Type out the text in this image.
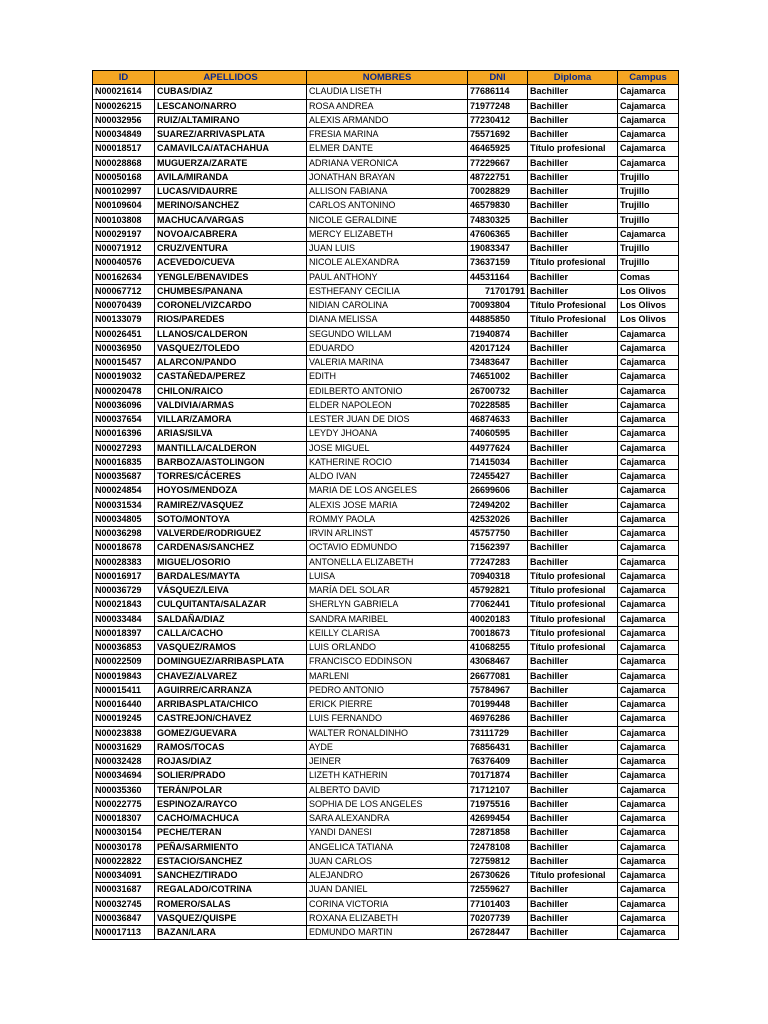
ID	APELLIDOS	NOMBRES	DNI	Diploma	Campus
N00021614	CUBAS/DIAZ	CLAUDIA LISETH	77686114	Bachiller	Cajamarca
N00026215	LESCANO/NARRO	ROSA ANDREA	71977248	Bachiller	Cajamarca
N00032956	RUIZ/ALTAMIRANO	ALEXIS ARMANDO	77230412	Bachiller	Cajamarca
N00034849	SUAREZ/ARRIVASPLATA	FRESIA MARINA	75571692	Bachiller	Cajamarca
N00018517	CAMAVILCA/ATACHAHUA	ELMER DANTE	46465925	Título profesional	Cajamarca
N00028868	MUGUERZA/ZARATE	ADRIANA VERONICA	77229667	Bachiller	Cajamarca
N00050168	AVILA/MIRANDA	JONATHAN BRAYAN	48722751	Bachiller	Trujillo
N00102997	LUCAS/VIDAURRE	ALLISON FABIANA	70028829	Bachiller	Trujillo
N00109604	MERINO/SANCHEZ	CARLOS ANTONINO	46579830	Bachiller	Trujillo
N00103808	MACHUCA/VARGAS	NICOLE GERALDINE	74830325	Bachiller	Trujillo
N00029197	NOVOA/CABRERA	MERCY ELIZABETH	47606365	Bachiller	Cajamarca
N00071912	CRUZ/VENTURA	JUAN LUIS	19083347	Bachiller	Trujillo
N00040576	ACEVEDO/CUEVA	NICOLE ALEXANDRA	73637159	Título profesional	Trujillo
N00162634	YENGLE/BENAVIDES	PAUL ANTHONY	44531164	Bachiller	Comas
N00067712	CHUMBES/PANANA	ESTHEFANY CECILIA	71701791	Bachiller	Los Olivos
N00070439	CORONEL/VIZCARDO	NIDIAN CAROLINA	70093804	Título Profesional	Los Olivos
N00133079	RIOS/PAREDES	DIANA MELISSA	44885850	Título Profesional	Los Olivos
N00026451	LLANOS/CALDERON	SEGUNDO WILLAM	71940874	Bachiller	Cajamarca
N00036950	VASQUEZ/TOLEDO	EDUARDO	42017124	Bachiller	Cajamarca
N00015457	ALARCON/PANDO	VALERIA MARINA	73483647	Bachiller	Cajamarca
N00019032	CASTAÑEDA/PEREZ	EDITH	74651002	Bachiller	Cajamarca
N00020478	CHILON/RAICO	EDILBERTO ANTONIO	26700732	Bachiller	Cajamarca
N00036096	VALDIVIA/ARMAS	ELDER NAPOLEON	70228585	Bachiller	Cajamarca
N00037654	VILLAR/ZAMORA	LESTER JUAN DE DIOS	46874633	Bachiller	Cajamarca
N00016396	ARIAS/SILVA	LEYDY JHOANA	74060595	Bachiller	Cajamarca
N00027293	MANTILLA/CALDERON	JOSE MIGUEL	44977624	Bachiller	Cajamarca
N00016835	BARBOZA/ASTOLINGON	KATHERINE ROCIO	71415034	Bachiller	Cajamarca
N00035687	TORRES/CÁCERES	ALDO IVAN	72455427	Bachiller	Cajamarca
N00024854	HOYOS/MENDOZA	MARIA DE LOS ANGELES	26699606	Bachiller	Cajamarca
N00031534	RAMIREZ/VASQUEZ	ALEXIS JOSE MARIA	72494202	Bachiller	Cajamarca
N00034805	SOTO/MONTOYA	ROMMY PAOLA	42532026	Bachiller	Cajamarca
N00036298	VALVERDE/RODRIGUEZ	IRVIN ARLINST	45757750	Bachiller	Cajamarca
N00018678	CARDENAS/SANCHEZ	OCTAVIO EDMUNDO	71562397	Bachiller	Cajamarca
N00028383	MIGUEL/OSORIO	ANTONELLA ELIZABETH	77247283	Bachiller	Cajamarca
N00016917	BARDALES/MAYTA	LUISA	70940318	Título profesional	Cajamarca
N00036729	VÁSQUEZ/LEIVA	MARÍA DEL SOLAR	45792821	Título profesional	Cajamarca
N00021843	CULQUITANTA/SALAZAR	SHERLYN GABRIELA	77062441	Título profesional	Cajamarca
N00033484	SALDAÑA/DIAZ	SANDRA MARIBEL	40020183	Título profesional	Cajamarca
N00018397	CALLA/CACHO	KEILLY CLARISA	70018673	Título profesional	Cajamarca
N00036853	VASQUEZ/RAMOS	LUIS ORLANDO	41068255	Título profesional	Cajamarca
N00022509	DOMINGUEZ/ARRIBASPLATA	FRANCISCO EDDINSON	43068467	Bachiller	Cajamarca
N00019843	CHAVEZ/ALVAREZ	MARLENI	26677081	Bachiller	Cajamarca
N00015411	AGUIRRE/CARRANZA	PEDRO ANTONIO	75784967	Bachiller	Cajamarca
N00016440	ARRIBASPLATA/CHICO	ERICK PIERRE	70199448	Bachiller	Cajamarca
N00019245	CASTREJON/CHAVEZ	LUIS FERNANDO	46976286	Bachiller	Cajamarca
N00023838	GOMEZ/GUEVARA	WALTER RONALDINHO	73111729	Bachiller	Cajamarca
N00031629	RAMOS/TOCAS	AYDE	76856431	Bachiller	Cajamarca
N00032428	ROJAS/DIAZ	JEINER	76376409	Bachiller	Cajamarca
N00034694	SOLIER/PRADO	LIZETH KATHERIN	70171874	Bachiller	Cajamarca
N00035360	TERÁN/POLAR	ALBERTO DAVID	71712107	Bachiller	Cajamarca
N00022775	ESPINOZA/RAYCO	SOPHIA DE LOS ANGELES	71975516	Bachiller	Cajamarca
N00018307	CACHO/MACHUCA	SARA ALEXANDRA	42699454	Bachiller	Cajamarca
N00030154	PECHE/TERAN	YANDI DANESI	72871858	Bachiller	Cajamarca
N00030178	PEÑA/SARMIENTO	ANGELICA TATIANA	72478108	Bachiller	Cajamarca
N00022822	ESTACIO/SANCHEZ	JUAN CARLOS	72759812	Bachiller	Cajamarca
N00034091	SANCHEZ/TIRADO	ALEJANDRO	26730626	Título profesional	Cajamarca
N00031687	REGALADO/COTRINA	JUAN DANIEL	72559627	Bachiller	Cajamarca
N00032745	ROMERO/SALAS	CORINA VICTORIA	77101403	Bachiller	Cajamarca
N00036847	VASQUEZ/QUISPE	ROXANA ELIZABETH	70207739	Bachiller	Cajamarca
N00017113	BAZAN/LARA	EDMUNDO MARTIN	26728447	Bachiller	Cajamarca
